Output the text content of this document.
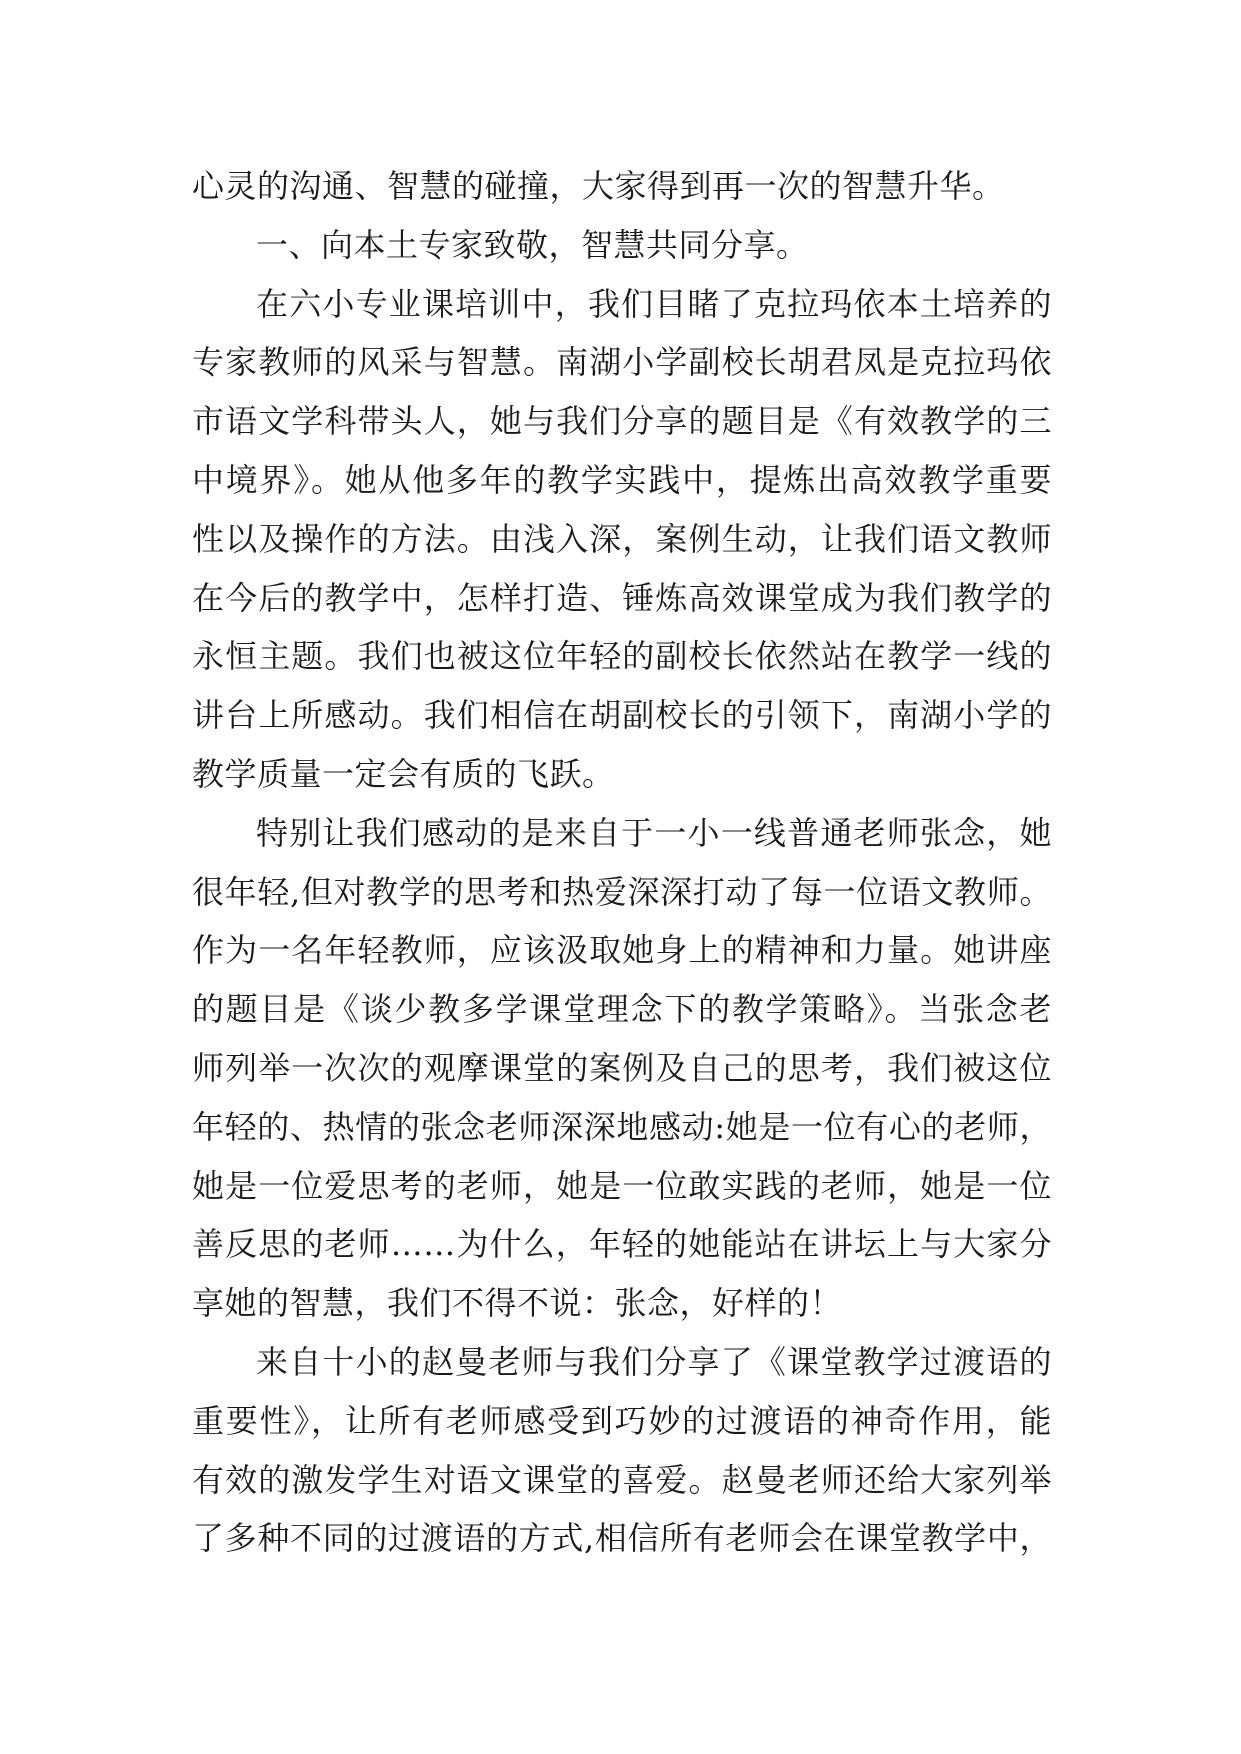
心灵的沟通、智慧的碰撞，大家得到再一次的智慧升华。
一、向本土专家致敬，智慧共同分享。
在六小专业课培训中，我们目睹了克拉玛依本土培养的
专家教师的风采与智慧。南湖小学副校长胡君凤是克拉玛依
市语文学科带头人，她与我们分享的题目是《有效教学的三
中境界》。她从他多年的教学实践中，提炼出高效教学重要
性以及操作的方法。由浅入深，案例生动，让我们语文教师
在今后的教学中，怎样打造、锤炼高效课堂成为我们教学的
永恒主题。我们也被这位年轻的副校长依然站在教学一线的
讲台上所感动。我们相信在胡副校长的引领下，南湖小学的
教学质量一定会有质的飞跃。
特别让我们感动的是来自于一小一线普通老师张念，她
很年轻,但对教学的思考和热爱深深打动了每一位语文教师。
作为一名年轻教师，应该汲取她身上的精神和力量。她讲座
的题目是《谈少教多学课堂理念下的教学策略》。当张念老
师列举一次次的观摩课堂的案例及自己的思考，我们被这位
年轻的、热情的张念老师深深地感动:她是一位有心的老师，
她是一位爱思考的老师，她是一位敢实践的老师，她是一位
善反思的老师……为什么，年轻的她能站在讲坛上与大家分
享她的智慧，我们不得不说：张念，好样的！
来自十小的赵曼老师与我们分享了《课堂教学过渡语的
重要性》，让所有老师感受到巧妙的过渡语的神奇作用，能
有效的激发学生对语文课堂的喜爱。赵曼老师还给大家列举
了多种不同的过渡语的方式,相信所有老师会在课堂教学中，
